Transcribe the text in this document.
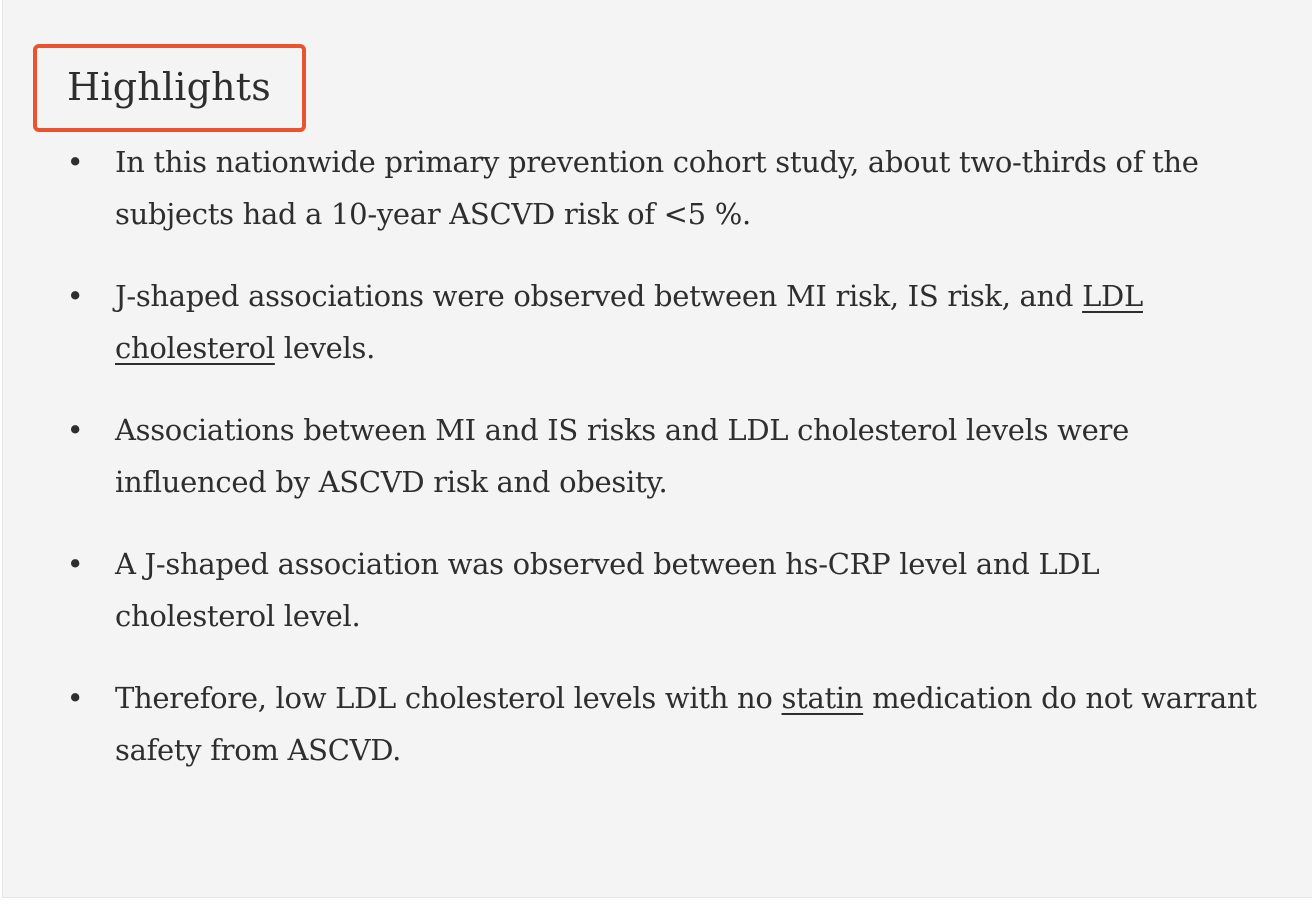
Highlights
• In this nationwide primary prevention cohort study, about two-thirds of the subjects had a 10-year ASCVD risk of <5 %.
• J-shaped associations were observed between MI risk, IS risk, and LDL cholesterol levels.
• Associations between MI and IS risks and LDL cholesterol levels were influenced by ASCVD risk and obesity.
• A J-shaped association was observed between hs-CRP level and LDL cholesterol level.
• Therefore, low LDL cholesterol levels with no statin medication do not warrant safety from ASCVD.
